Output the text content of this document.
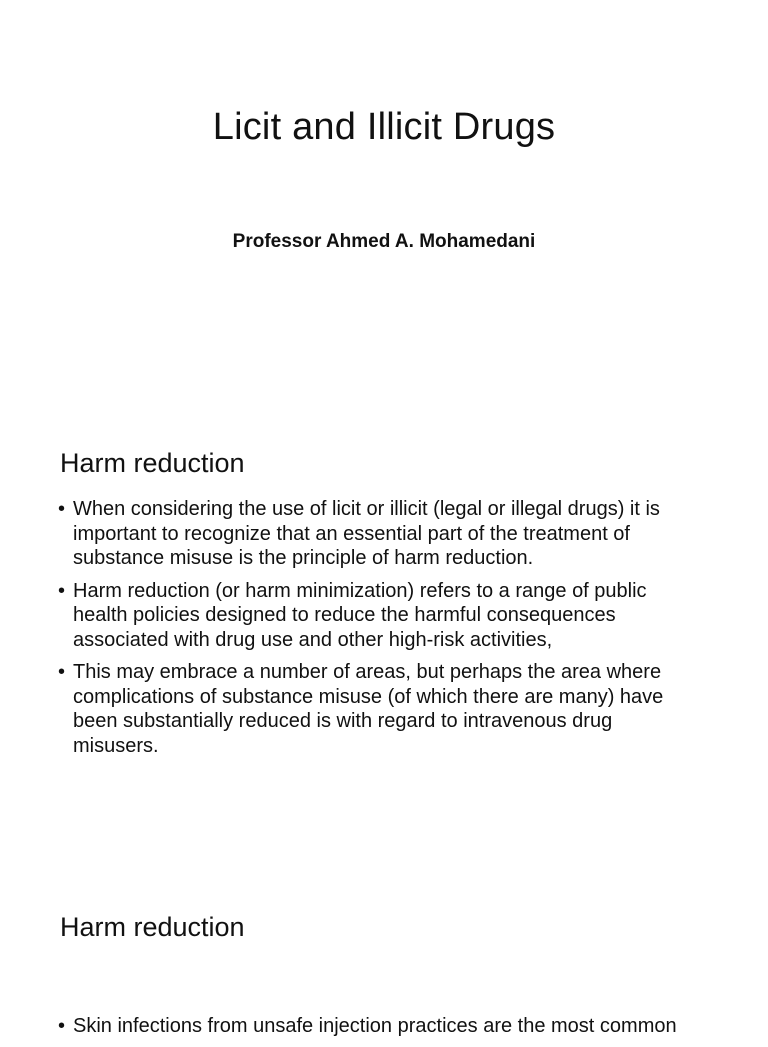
Licit and Illicit Drugs
Professor Ahmed A. Mohamedani
Harm reduction
• When considering the use of licit or illicit (legal or illegal drugs) it is important to recognize that an essential part of the treatment of substance misuse is the principle of harm reduction.
• Harm reduction (or harm minimization) refers to a range of public health policies designed to reduce the harmful consequences associated with drug use and other high-risk activities,
• This may embrace a number of areas, but perhaps the area where complications of substance misuse (of which there are many) have been substantially reduced is with regard to intravenous drug misusers.
Harm reduction
• Skin infections from unsafe injection practices are the most common
